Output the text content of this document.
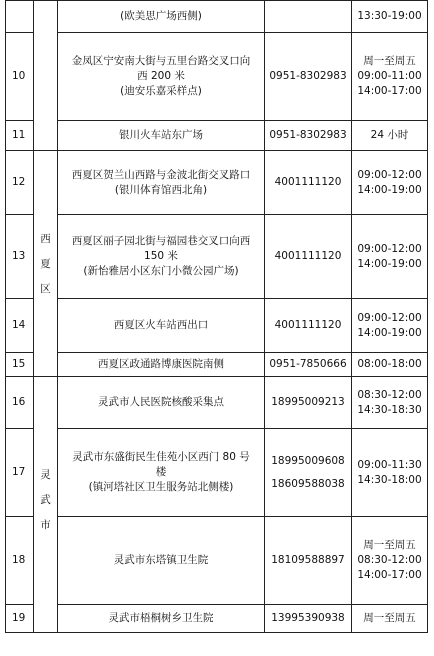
		(欧美思广场西侧)		13:30-19:00

10		金凤区宁安南大街与五里台路交叉口向
西 200 米
(迪安乐嘉采样点)	0951-8302983	周一至周五
09:00-11:00
14:00-17:00

11		银川火车站东广场	0951-8302983	24 小时

12	西
夏
区	西夏区贺兰山西路与金波北街交叉路口
(银川体育馆西北角)	4001111120	09:00-12:00
14:00-19:00

13		西夏区丽子园北街与福园巷交叉口向西
150 米
(新怡雅居小区东门小微公园广场)	4001111120	09:00-12:00
14:00-19:00

14		西夏区火车站西出口	4001111120	09:00-12:00
14:00-19:00

15		西夏区政通路博康医院南侧	0951-7850666	08:00-18:00

16	灵
武
市	灵武市人民医院核酸采集点	18995009213	08:30-12:00
14:30-18:30

17		灵武市东盛街民生佳苑小区西门 80 号
楼
(镇河塔社区卫生服务站北侧楼)	18995009608
18609588038	09:00-11:30
14:30-18:00

18		灵武市东塔镇卫生院	18109588897	周一至周五
08:30-12:00
14:00-17:00

19		灵武市梧桐树乡卫生院	13995390938	周一至周五
